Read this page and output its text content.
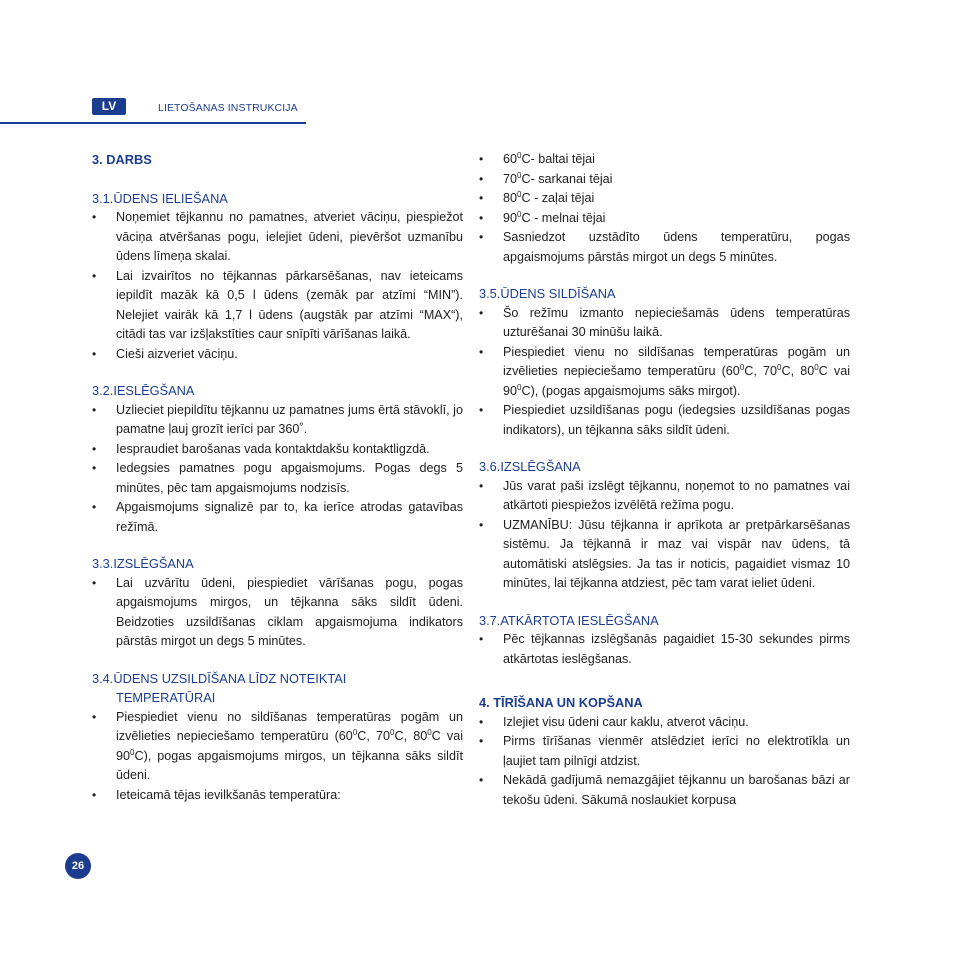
LV	LIETOŠANAS INSTRUKCIJA
3. DARBS
3.1.ŪDENS IELIEŠANA
• Noņemiet tējkannu no pamatnes, atveriet vāciņu, piespiežot vāciņa atvēršanas pogu, ielejiet ūdeni, pievēršot uzmanību ūdens līmeņa skalai.
• Lai izvairītos no tējkannas pārkarsēšanas, nav ieteicams iepildīt mazāk kā 0,5 l ūdens (zemāk par atzīmi “MIN”). Nelejiet vairāk kā 1,7 l ūdens (augstāk par atzīmi “MAX“), citādi tas var izšļakstīties caur snīpīti vārīšanas laikā.
• Cieši aizveriet vāciņu.
3.2.IESLĒGŠANA
• Uzlieciet piepildītu tējkannu uz pamatnes jums ērtā stāvoklī, jo pamatne ļauj grozīt ierīci par 360˚.
• Iespraudiet barošanas vada kontaktdakšu kontaktligzdā.
• Iedegsies pamatnes pogu apgaismojums. Pogas degs 5 minūtes, pēc tam apgaismojums nodzisīs.
• Apgaismojums signalizē par to, ka ierīce atrodas gatavības režīmā.
3.3.IZSLĒGŠANA
• Lai uzvārītu ūdeni, piespiediet vārīšanas pogu, pogas apgaismojums mirgos, un tējkanna sāks sildīt ūdeni. Beidzoties uzsildīšanas ciklam apgaismojuma indikators pārstās mirgot un degs 5 minūtes.
3.4.ŪDENS UZSILDĪŠANA LĪDZ NOTEIKTAI
TEMPERATŪRAI
• Piespiediet vienu no sildīšanas temperatūras pogām un izvēlieties nepieciešamo temperatūru ($60^0C$, $70^0C$, $80^0C$ vai $90^0C$), pogas apgaismojums mirgos, un tējkanna sāks sildīt ūdeni.
• Ieteicamā tējas ievilkšanās temperatūra:
• $60^0C-$ baltai tējai
• $70^0C-$ sarkanai tējai
• $80^0C$ - zaļai tējai
• $90^0C$ - melnai tējai
• Sasniedzot uzstādīto ūdens temperatūru, pogas apgaismojums pārstās mirgot un degs 5 minūtes.
3.5.ŪDENS SILDĪŠANA
• Šo režīmu izmanto nepieciešamās ūdens temperatūras uzturēšanai 30 minūšu laikā.
• Piespiediet vienu no sildīšanas temperatūras pogām un izvēlieties nepieciešamo temperatūru ($60^0C$, $70^0C$, $80^0C$ vai $90^0C$), (pogas apgaismojums sāks mirgot).
• Piespiediet uzsildīšanas pogu (iedegsies uzsildīšanas pogas indikators), un tējkanna sāks sildīt ūdeni.
3.6.IZSLĒGŠANA
• Jūs varat paši izslēgt tējkannu, noņemot to no pamatnes vai atkārtoti piespiežos izvēlētā režīma pogu.
• UZMANĪBU: Jūsu tējkanna ir aprīkota ar pretpārkarsēšanas sistēmu. Ja tējkannā ir maz vai vispār nav ūdens, tā automātiski atslēgsies. Ja tas ir noticis, pagaidiet vismaz 10 minūtes, lai tējkanna atdziest, pēc tam varat ieliet ūdeni.
3.7.ATKĀRTOTA IESLĒGŠANA
• Pēc tējkannas izslēgšanās pagaidiet 15-30 sekundes pirms atkārtotas ieslēgšanas.
4. TĪRĪŠANA UN KOPŠANA
• Izlejiet visu ūdeni caur kaklu, atverot vāciņu.
• Pirms tīrīšanas vienmēr atslēdziet ierīci no elektrotīkla un ļaujiet tam pilnīgi atdzist.
• Nekādā gadījumā nemazgājiet tējkannu un barošanas bāzi ar tekošu ūdeni. Sākumā noslaukiet korpusa
26
